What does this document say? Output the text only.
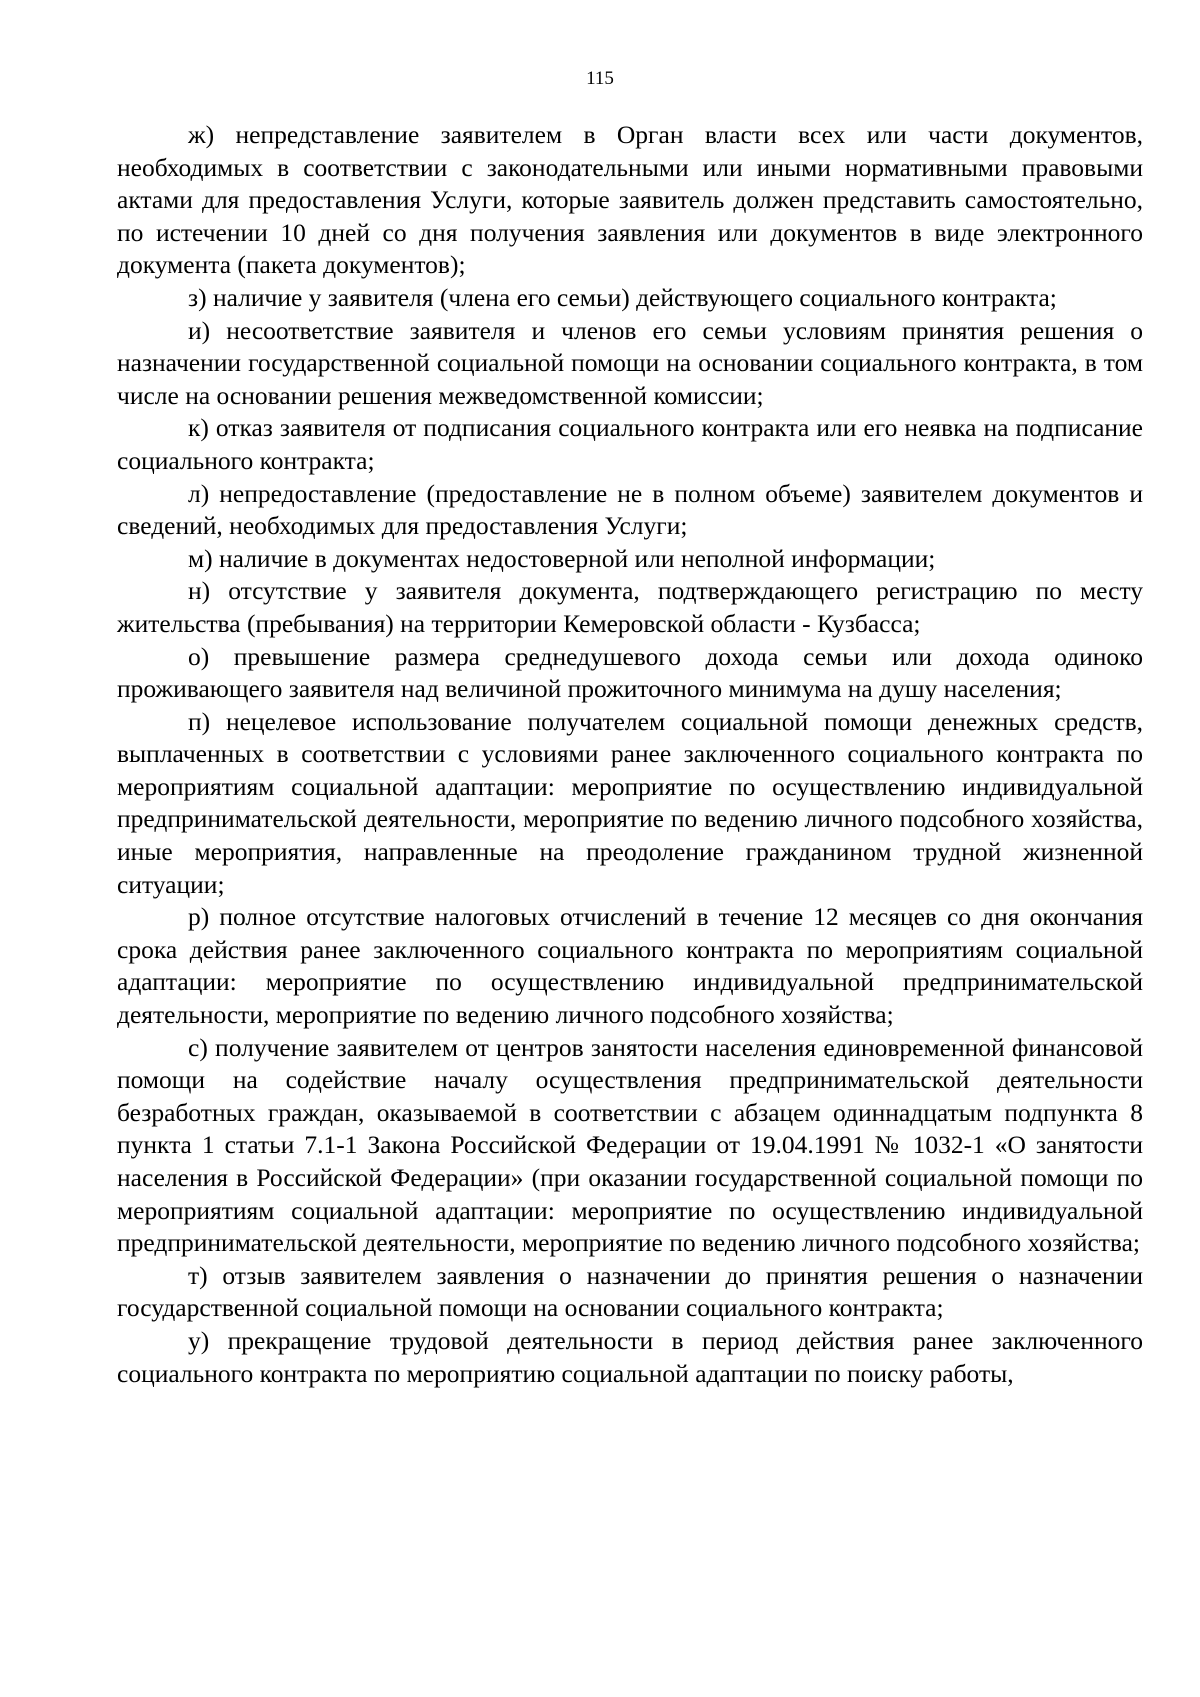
115

ж) непредставление заявителем в Орган власти всех или части документов, необходимых в соответствии с законодательными или иными нормативными правовыми актами для предоставления Услуги, которые заявитель должен представить самостоятельно, по истечении 10 дней со дня получения заявления или документов в виде электронного документа (пакета документов);

з) наличие у заявителя (члена его семьи) действующего социального контракта;

и) несоответствие заявителя и членов его семьи условиям принятия решения о назначении государственной социальной помощи на основании социального контракта, в том числе на основании решения межведомственной комиссии;

к) отказ заявителя от подписания социального контракта или его неявка на подписание социального контракта;

л) непредоставление (предоставление не в полном объеме) заявителем документов и сведений, необходимых для предоставления Услуги;

м) наличие в документах недостоверной или неполной информации;

н) отсутствие у заявителя документа, подтверждающего регистрацию по месту жительства (пребывания) на территории Кемеровской области - Кузбасса;

о) превышение размера среднедушевого дохода семьи или дохода одиноко проживающего заявителя над величиной прожиточного минимума на душу населения;

п) нецелевое использование получателем социальной помощи денежных средств, выплаченных в соответствии с условиями ранее заключенного социального контракта по мероприятиям социальной адаптации: мероприятие по осуществлению индивидуальной предпринимательской деятельности, мероприятие по ведению личного подсобного хозяйства, иные мероприятия, направленные на преодоление гражданином трудной жизненной ситуации;

р) полное отсутствие налоговых отчислений в течение 12 месяцев со дня окончания срока действия ранее заключенного социального контракта по мероприятиям социальной адаптации: мероприятие по осуществлению индивидуальной предпринимательской деятельности, мероприятие по ведению личного подсобного хозяйства;

с) получение заявителем от центров занятости населения единовременной финансовой помощи на содействие началу осуществления предпринимательской деятельности безработных граждан, оказываемой в соответствии с абзацем одиннадцатым подпункта 8 пункта 1 статьи 7.1-1 Закона Российской Федерации от 19.04.1991 № 1032-1 «О занятости населения в Российской Федерации» (при оказании государственной социальной помощи по мероприятиям социальной адаптации: мероприятие по осуществлению индивидуальной предпринимательской деятельности, мероприятие по ведению личного подсобного хозяйства;

т) отзыв заявителем заявления о назначении до принятия решения о назначении государственной социальной помощи на основании социального контракта;

у) прекращение трудовой деятельности в период действия ранее заключенного социального контракта по мероприятию социальной адаптации по поиску работы,
